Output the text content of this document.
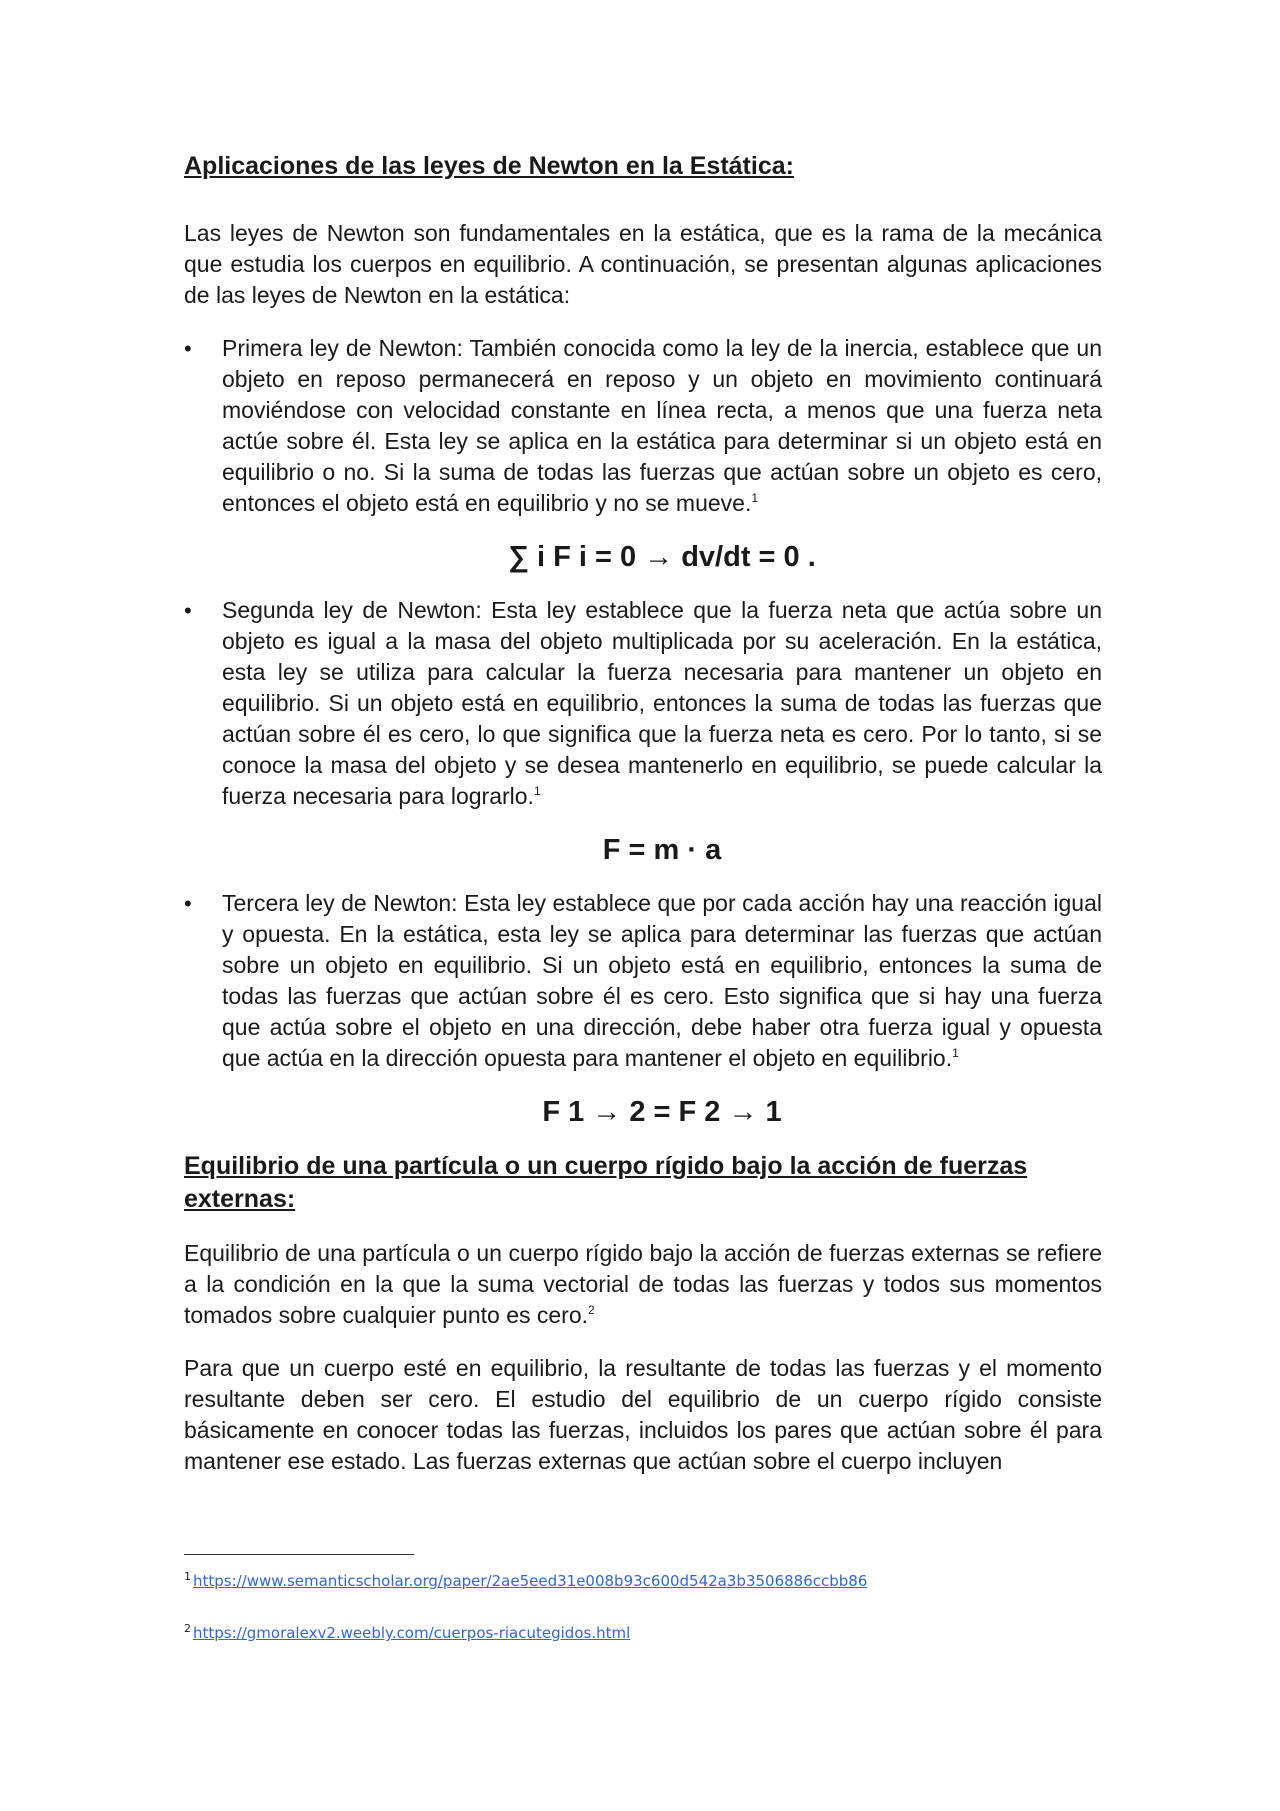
Aplicaciones de las leyes de Newton en la Estática:

Las leyes de Newton son fundamentales en la estática, que es la rama de la mecánica que estudia los cuerpos en equilibrio. A continuación, se presentan algunas aplicaciones de las leyes de Newton en la estática:

• Primera ley de Newton: También conocida como la ley de la inercia, establece que un objeto en reposo permanecerá en reposo y un objeto en movimiento continuará moviéndose con velocidad constante en línea recta, a menos que una fuerza neta actúe sobre él. Esta ley se aplica en la estática para determinar si un objeto está en equilibrio o no. Si la suma de todas las fuerzas que actúan sobre un objeto es cero, entonces el objeto está en equilibrio y no se mueve.$^1$
∑ i F i = 0 → dv/dt = 0 .
• Segunda ley de Newton: Esta ley establece que la fuerza neta que actúa sobre un objeto es igual a la masa del objeto multiplicada por su aceleración. En la estática, esta ley se utiliza para calcular la fuerza necesaria para mantener un objeto en equilibrio. Si un objeto está en equilibrio, entonces la suma de todas las fuerzas que actúan sobre él es cero, lo que significa que la fuerza neta es cero. Por lo tanto, si se conoce la masa del objeto y se desea mantenerlo en equilibrio, se puede calcular la fuerza necesaria para lograrlo.$^1$
F = m · a
• Tercera ley de Newton: Esta ley establece que por cada acción hay una reacción igual y opuesta. En la estática, esta ley se aplica para determinar las fuerzas que actúan sobre un objeto en equilibrio. Si un objeto está en equilibrio, entonces la suma de todas las fuerzas que actúan sobre él es cero. Esto significa que si hay una fuerza que actúa sobre el objeto en una dirección, debe haber otra fuerza igual y opuesta que actúa en la dirección opuesta para mantener el objeto en equilibrio.$^1$
F 1 → 2 = F 2 → 1
Equilibrio de una partícula o un cuerpo rígido bajo la acción de fuerzas externas:

Equilibrio de una partícula o un cuerpo rígido bajo la acción de fuerzas externas se refiere a la condición en la que la suma vectorial de todas las fuerzas y todos sus momentos tomados sobre cualquier punto es cero.$^2$

Para que un cuerpo esté en equilibrio, la resultante de todas las fuerzas y el momento resultante deben ser cero. El estudio del equilibrio de un cuerpo rígido consiste básicamente en conocer todas las fuerzas, incluidos los pares que actúan sobre él para mantener ese estado. Las fuerzas externas que actúan sobre el cuerpo incluyen

$^1$ https://www.semanticscholar.org/paper/2ae5eed31e008b93c600d542a3b3506886ccbb86
$^2$ https://gmoralexv2.weebly.com/cuerpos-riacutegidos.html
